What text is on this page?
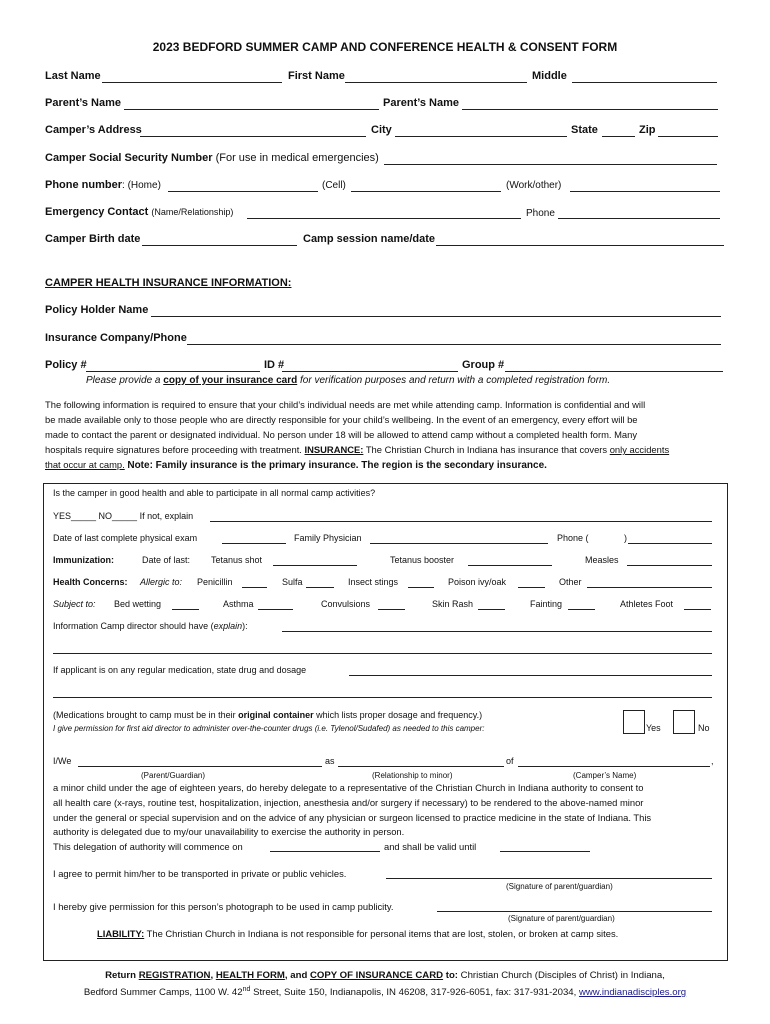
2023 BEDFORD SUMMER CAMP AND CONFERENCE HEALTH & CONSENT FORM
Last Name	First Name	Middle
Parent’s Name	Parent’s Name
Camper’s Address	City	State	Zip
Camper Social Security Number (For use in medical emergencies)
Phone number: (Home)	(Cell)	(Work/other)
Emergency Contact (Name/Relationship)	Phone
Camper Birth date	Camp session name/date
CAMPER HEALTH INSURANCE INFORMATION:
Policy Holder Name
Insurance Company/Phone
Policy #	ID #	Group #
Please provide a copy of your insurance card for verification purposes and return with a completed registration form.
The following information is required to ensure that your child’s individual needs are met while attending camp. Information is confidential and will
be made available only to those people who are directly responsible for your child’s wellbeing. In the event of an emergency, every effort will be
made to contact the parent or designated individual. No person under 18 will be allowed to attend camp without a completed health form. Many
hospitals require signatures before proceeding with treatment. INSURANCE: The Christian Church in Indiana has insurance that covers only accidents
that occur at camp. Note: Family insurance is the primary insurance. The region is the secondary insurance.
Is the camper in good health and able to participate in all normal camp activities?
YES_____ NO_____ If not, explain
Date of last complete physical exam	Family Physician	Phone (	)
Immunization:	Date of last: Tetanus shot	Tetanus booster	Measles
Health Concerns: Allergic to: Penicillin	Sulfa	Insect stings	Poison ivy/oak	Other
Subject to: Bed wetting	Asthma	Convulsions	Skin Rash	Fainting	Athletes Foot
Information Camp director should have (explain):
If applicant is on any regular medication, state drug and dosage
(Medications brought to camp must be in their original container which lists proper dosage and frequency.)
I give permission for first aid director to administer over-the-counter drugs (i.e. Tylenol/Sudafed) as needed to this camper:	Yes	No
I/We	as	of	,
(Parent/Guardian)	(Relationship to minor)	(Camper’s Name)
a minor child under the age of eighteen years, do hereby delegate to a representative of the Christian Church in Indiana authority to consent to
all health care (x-rays, routine test, hospitalization, injection, anesthesia and/or surgery if necessary) to be rendered to the above-named minor
under the general or special supervision and on the advice of any physician or surgeon licensed to practice medicine in the state of Indiana. This
authority is delegated due to my/our unavailability to exercise the authority in person.
This delegation of authority will commence on	and shall be valid until
I agree to permit him/her to be transported in private or public vehicles.
(Signature of parent/guardian)
I hereby give permission for this person’s photograph to be used in camp publicity.
(Signature of parent/guardian)
LIABILITY: The Christian Church in Indiana is not responsible for personal items that are lost, stolen, or broken at camp sites.
Return REGISTRATION, HEALTH FORM, and COPY OF INSURANCE CARD to: Christian Church (Disciples of Christ) in Indiana,
Bedford Summer Camps, 1100 W. 42nd Street, Suite 150, Indianapolis, IN 46208, 317-926-6051, fax: 317-931-2034, www.indianadisciples.org
